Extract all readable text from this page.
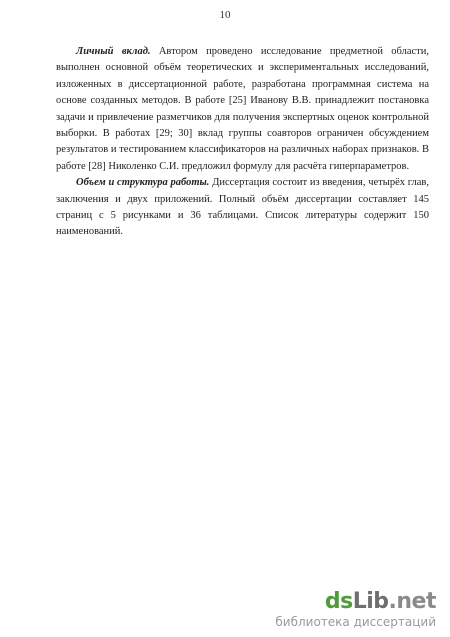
10

Личный вклад. Автором проведено исследование предметной области, выполнен основной объём теоретических и экспериментальных исследований, изложенных в диссертационной работе, разработана программная система на основе созданных методов. В работе [25] Иванову В.В. принадлежит постановка задачи и привлечение разметчиков для получения экспертных оценок контрольной выборки. В работах [29; 30] вклад группы соавторов ограничен обсуждением результатов и тестированием классификаторов на различных наборах признаков. В работе [28] Николенко С.И. предложил формулу для расчёта гиперпараметров.

Объем и структура работы. Диссертация состоит из введения, четырёх глав, заключения и двух приложений. Полный объём диссертации составляет 145 страниц с 5 рисунками и 36 таблицами. Список литературы содержит 150 наименований.

dsLib.net
библиотека диссертаций
